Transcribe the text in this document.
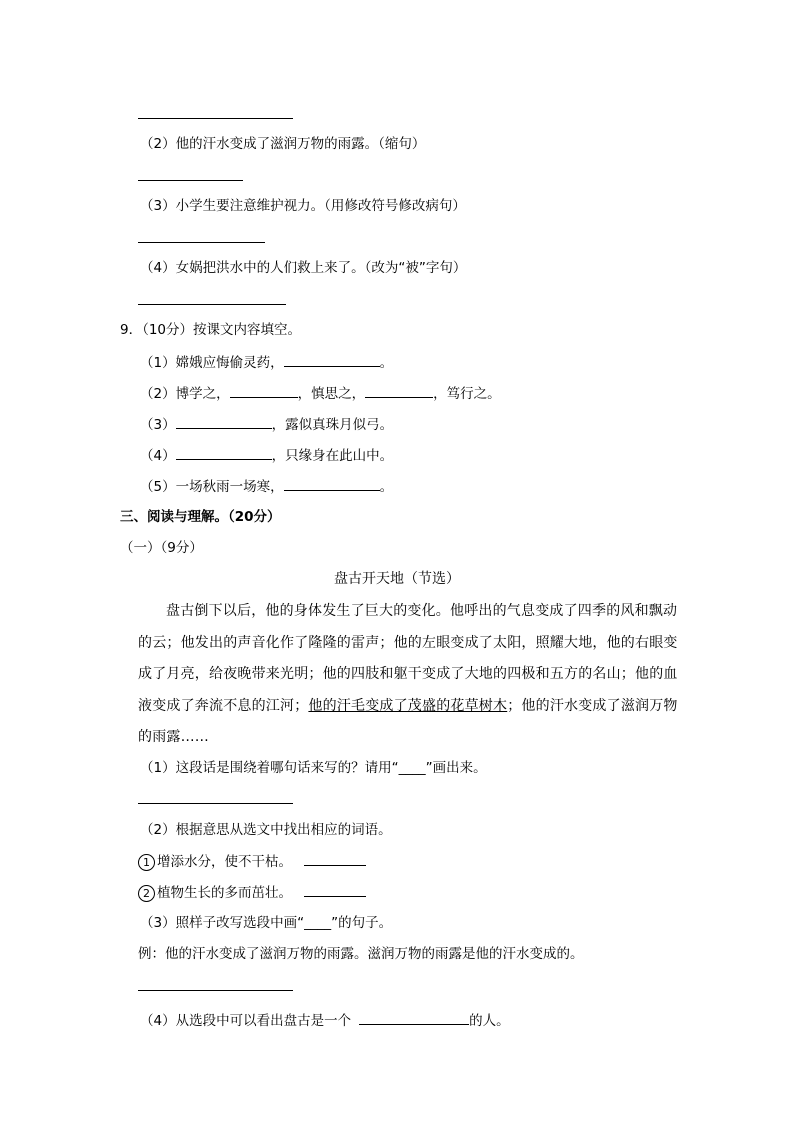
（2）他的汗水变成了滋润万物的雨露。（缩句）
（3）小学生要注意维护视力。（用修改符号修改病句）
（4）女娲把洪水中的人们救上来了。（改为“被”字句）
9．（10分）按课文内容填空。
（1）嫦娥应悔偷灵药，	。
（2）博学之，	，慎思之，	，笃行之。
（3）	，露似真珠月似弓。
（4）	，只缘身在此山中。
（5）一场秋雨一场寒，	。
三、阅读与理解。（20分）
（一）（9分）
盘古开天地（节选）
盘古倒下以后，他的身体发生了巨大的变化。他呼出的气息变成了四季的风和飘动的云；他发出的声音化作了隆隆的雷声；他的左眼变成了太阳，照耀大地，他的右眼变成了月亮，给夜晚带来光明；他的四肢和躯干变成了大地的四极和五方的名山；他的血液变成了奔流不息的江河；他的汗毛变成了茂盛的花草树木；他的汗水变成了滋润万物的雨露……
（1）这段话是围绕着哪句话来写的？请用“____”画出来。
（2）根据意思从选文中找出相应的词语。
1 增添水分，使不干枯。
2 植物生长的多而茁壮。
（3）照样子改写选段中画“____”的句子。
例：他的汗水变成了滋润万物的雨露。滋润万物的雨露是他的汗水变成的。
（4）从选段中可以看出盘古是一个	的人。
